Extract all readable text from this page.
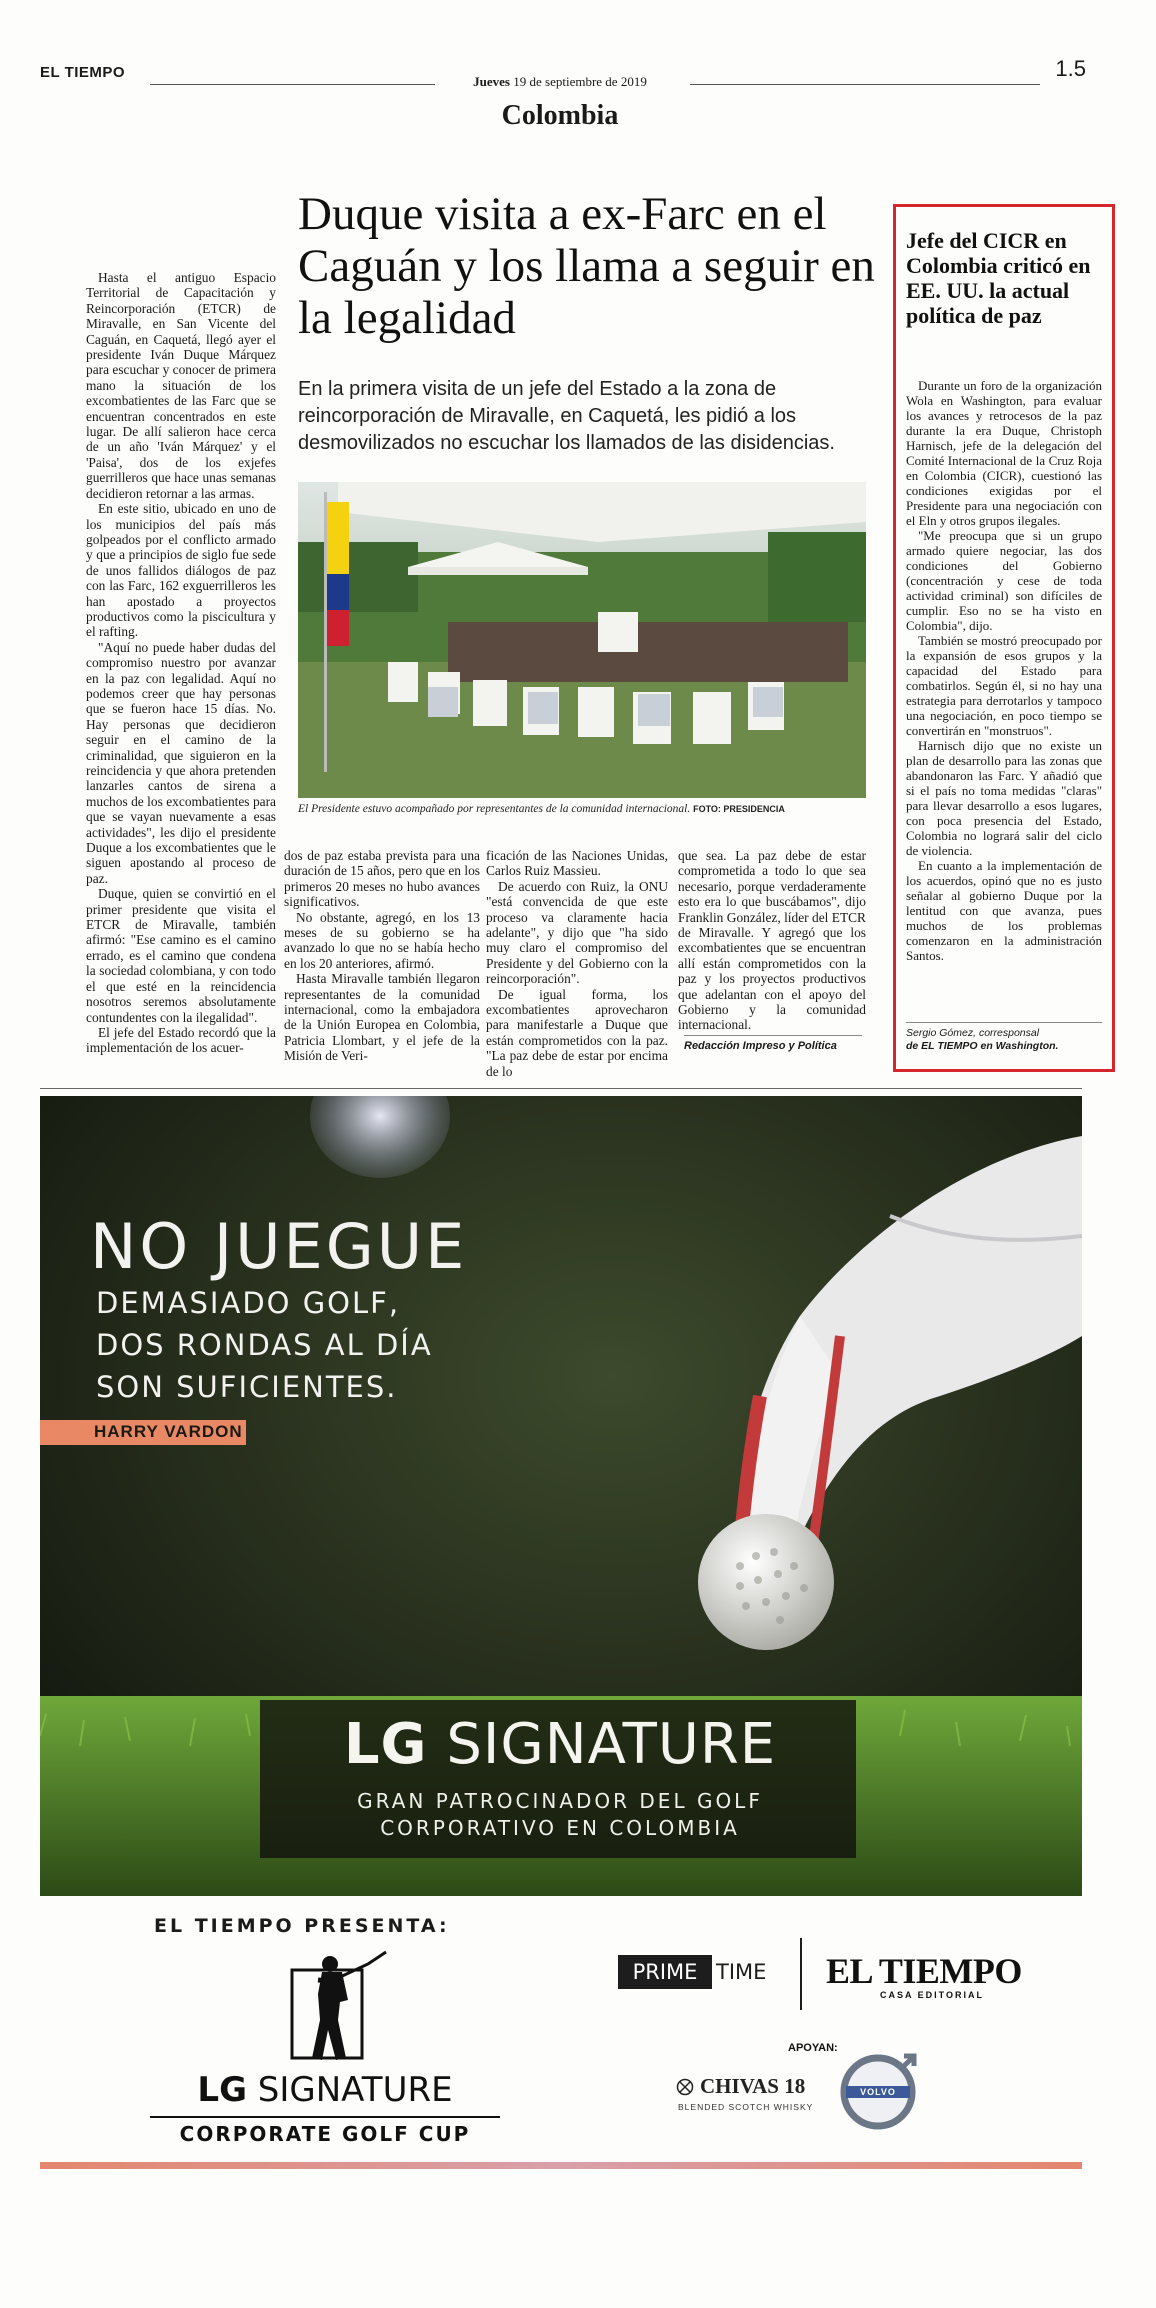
EL TIEMPO
Jueves 19 de septiembre de 2019
1.5
Colombia
Duque visita a ex-Farc en el Caguán y los llama a seguir en la legalidad
En la primera visita de un jefe del Estado a la zona de reincorporación de Miravalle, en Caquetá, les pidió a los desmovilizados no escuchar los llamados de las disidencias.

Hasta el antiguo Espacio Territorial de Capacitación y Reincorporación (ETCR) de Miravalle, en San Vicente del Caguán, en Caquetá, llegó ayer el presidente Iván Duque Márquez para escuchar y conocer de primera mano la situación de los excombatientes de las Farc que se encuentran concentrados en este lugar. De allí salieron hace cerca de un año 'Iván Márquez' y el 'Paisa', dos de los exjefes guerrilleros que hace unas semanas decidieron retornar a las armas.

En este sitio, ubicado en uno de los municipios del país más golpeados por el conflicto armado y que a principios de siglo fue sede de unos fallidos diálogos de paz con las Farc, 162 exguerrilleros les han apostado a proyectos productivos como la piscicultura y el rafting.

"Aquí no puede haber dudas del compromiso nuestro por avanzar en la paz con legalidad. Aquí no podemos creer que hay personas que se fueron hace 15 días. No. Hay personas que decidieron seguir en el camino de la criminalidad, que siguieron en la reincidencia y que ahora pretenden lanzarles cantos de sirena a muchos de los excombatientes para que se vayan nuevamente a esas actividades", les dijo el presidente Duque a los excombatientes que le siguen apostando al proceso de paz.

Duque, quien se convirtió en el primer presidente que visita el ETCR de Miravalle, también afirmó: "Ese camino es el camino errado, es el camino que condena la sociedad colombiana, y con todo el que esté en la reincidencia nosotros seremos absolutamente contundentes con la ilegalidad".

El jefe del Estado recordó que la implementación de los acuer-

El Presidente estuvo acompañado por representantes de la comunidad internacional. FOTO: PRESIDENCIA

dos de paz estaba prevista para una duración de 15 años, pero que en los primeros 20 meses no hubo avances significativos.

No obstante, agregó, en los 13 meses de su gobierno se ha avanzado lo que no se había hecho en los 20 anteriores, afirmó.

Hasta Miravalle también llegaron representantes de la comunidad internacional, como la embajadora de la Unión Europea en Colombia, Patricia Llombart, y el jefe de la Misión de Veri-

ficación de las Naciones Unidas, Carlos Ruiz Massieu.

De acuerdo con Ruiz, la ONU "está convencida de que este proceso va claramente hacia adelante", y dijo que "ha sido muy claro el compromiso del Presidente y del Gobierno con la reincorporación".

De igual forma, los excombatientes aprovecharon para manifestarle a Duque que están comprometidos con la paz. "La paz debe de estar por encima de lo

que sea. La paz debe de estar comprometida a todo lo que sea necesario, porque verdaderamente esto era lo que buscábamos", dijo Franklin González, líder del ETCR de Miravalle. Y agregó que los excombatientes que se encuentran allí están comprometidos con la paz y los proyectos productivos que adelantan con el apoyo del Gobierno y la comunidad internacional.

Redacción Impreso y Política
Jefe del CICR en Colombia criticó en EE. UU. la actual política de paz

Durante un foro de la organización Wola en Washington, para evaluar los avances y retrocesos de la paz durante la era Duque, Christoph Harnisch, jefe de la delegación del Comité Internacional de la Cruz Roja en Colombia (CICR), cuestionó las condiciones exigidas por el Presidente para una negociación con el Eln y otros grupos ilegales.

"Me preocupa que si un grupo armado quiere negociar, las dos condiciones del Gobierno (concentración y cese de toda actividad criminal) son difíciles de cumplir. Eso no se ha visto en Colombia", dijo.

También se mostró preocupado por la expansión de esos grupos y la capacidad del Estado para combatirlos. Según él, si no hay una estrategia para derrotarlos y tampoco una negociación, en poco tiempo se convertirán en "monstruos".

Harnisch dijo que no existe un plan de desarrollo para las zonas que abandonaron las Farc. Y añadió que si el país no toma medidas "claras" para llevar desarrollo a esos lugares, con poca presencia del Estado, Colombia no logrará salir del ciclo de violencia.

En cuanto a la implementación de los acuerdos, opinó que no es justo señalar al gobierno Duque por la lentitud con que avanza, pues muchos de los problemas comenzaron en la administración Santos.

Sergio Gómez, corresponsal
de EL TIEMPO en Washington.
NO JUEGUE
DEMASIADO GOLF,
DOS RONDAS AL DÍA
SON SUFICIENTES.
HARRY VARDON
LG SIGNATURE
GRAN PATROCINADOR DEL GOLF
CORPORATIVO EN COLOMBIA
EL TIEMPO PRESENTA:
LG SIGNATURE
CORPORATE GOLF CUP
PRIME TIME EL TIEMPO
CASA EDITORIAL
APOYAN:
CHIVAS 18
BLENDED SCOTCH WHISKY
VOLVO
